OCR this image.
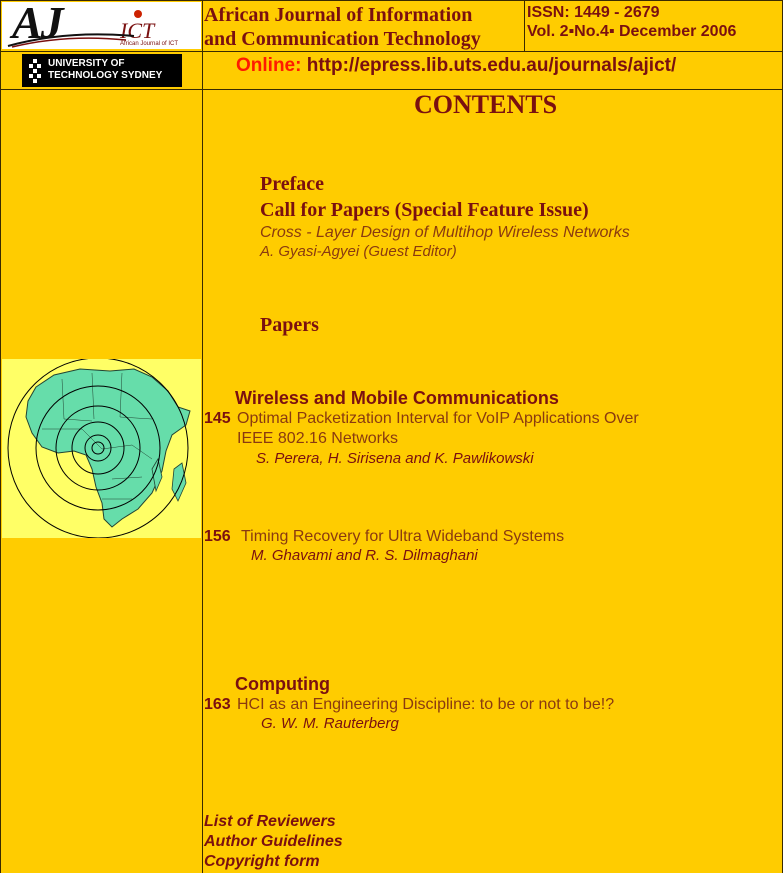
AJ	ICT
African Journal of ICT
UNIVERSITY OF
TECHNOLOGY SYDNEY
African Journal of Information
and Communication Technology
ISSN: 1449 - 2679
Vol. 2▪No.4▪ December 2006
Online: http://epress.lib.uts.edu.au/journals/ajict/
CONTENTS
Preface
Call for Papers (Special Feature Issue)
Cross - Layer Design of Multihop Wireless Networks
A. Gyasi-Agyei (Guest Editor)
Papers
Wireless and Mobile Communications
145 Optimal Packetization Interval for VoIP Applications Over
IEEE 802.16 Networks
S. Perera, H. Sirisena and K. Pawlikowski
156 Timing Recovery for Ultra Wideband Systems
M. Ghavami and R. S. Dilmaghani
Computing
163 HCI as an Engineering Discipline: to be or not to be!?
G. W. M. Rauterberg
List of Reviewers
Author Guidelines
Copyright form
